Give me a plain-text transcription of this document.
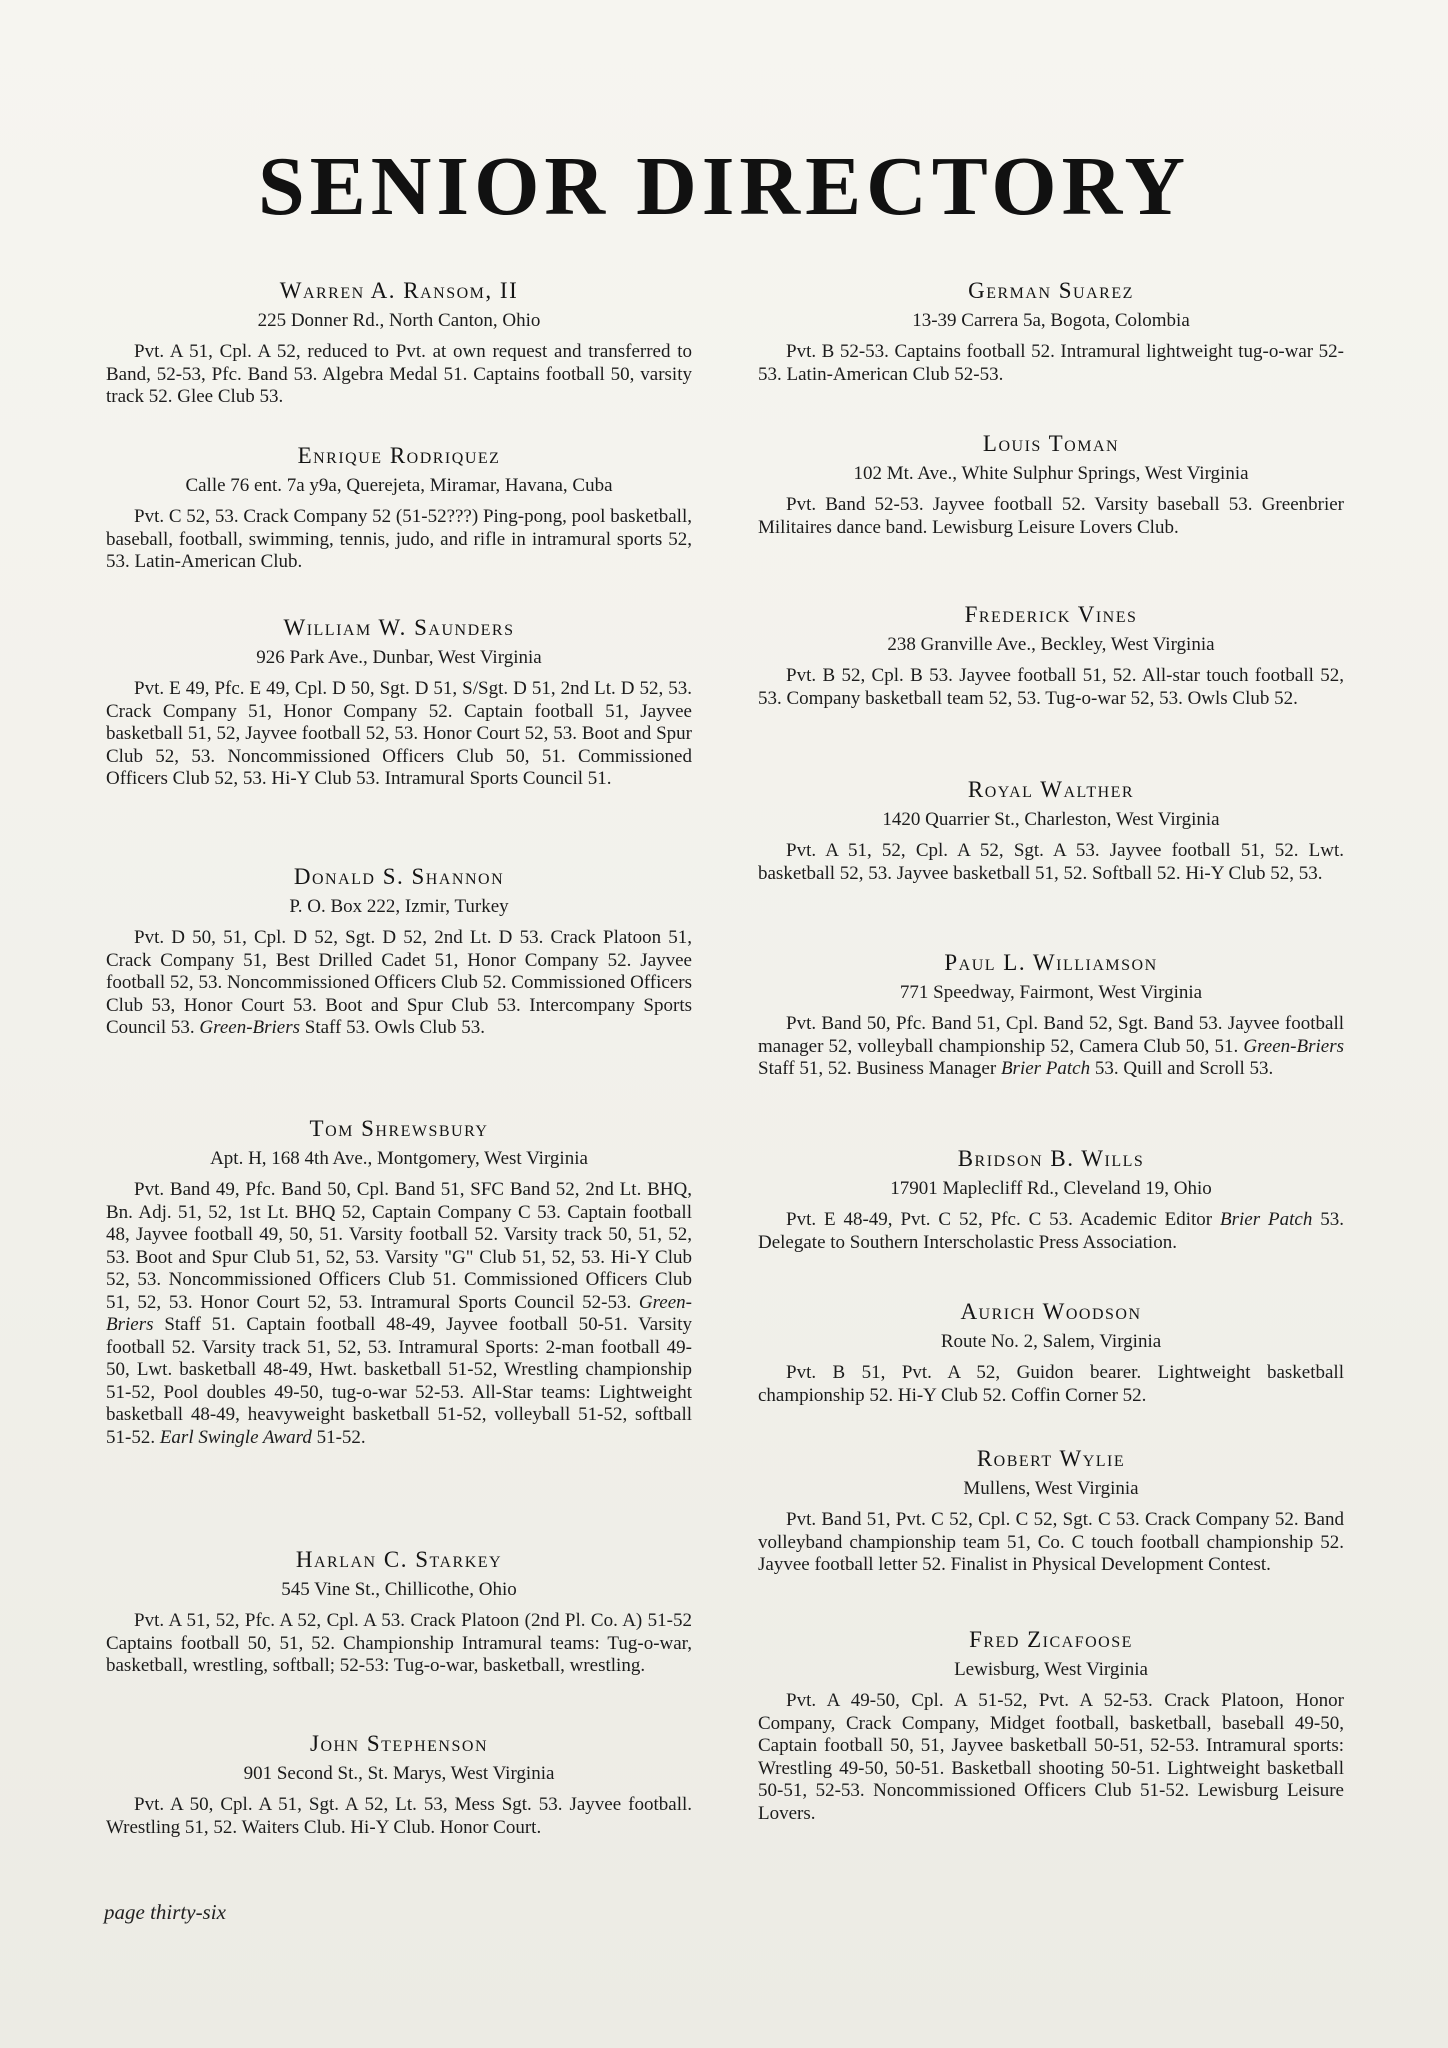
SENIOR DIRECTORY
Warren A. Ransom, II
225 Donner Rd., North Canton, Ohio

Pvt. A 51, Cpl. A 52, reduced to Pvt. at own request and transferred to Band, 52-53, Pfc. Band 53. Algebra Medal 51. Captains football 50, varsity track 52. Glee Club 53.

Enrique Rodriquez
Calle 76 ent. 7a y9a, Querejeta, Miramar, Havana, Cuba

Pvt. C 52, 53. Crack Company 52 (51-52???) Ping-pong, pool basketball, baseball, football, swimming, tennis, judo, and rifle in intramural sports 52, 53. Latin-American Club.

William W. Saunders
926 Park Ave., Dunbar, West Virginia

Pvt. E 49, Pfc. E 49, Cpl. D 50, Sgt. D 51, S/Sgt. D 51, 2nd Lt. D 52, 53. Crack Company 51, Honor Company 52. Captain football 51, Jayvee basketball 51, 52, Jayvee football 52, 53. Honor Court 52, 53. Boot and Spur Club 52, 53. Noncommissioned Officers Club 50, 51. Commissioned Officers Club 52, 53. Hi-Y Club 53. Intramural Sports Council 51.

Donald S. Shannon
P. O. Box 222, Izmir, Turkey

Pvt. D 50, 51, Cpl. D 52, Sgt. D 52, 2nd Lt. D 53. Crack Platoon 51, Crack Company 51, Best Drilled Cadet 51, Honor Company 52. Jayvee football 52, 53. Noncommissioned Officers Club 52. Commissioned Officers Club 53, Honor Court 53. Boot and Spur Club 53. Intercompany Sports Council 53. Green-Briers Staff 53. Owls Club 53.

Tom Shrewsbury
Apt. H, 168 4th Ave., Montgomery, West Virginia

Pvt. Band 49, Pfc. Band 50, Cpl. Band 51, SFC Band 52, 2nd Lt. BHQ, Bn. Adj. 51, 52, 1st Lt. BHQ 52, Captain Company C 53. Captain football 48, Jayvee football 49, 50, 51. Varsity football 52. Varsity track 50, 51, 52, 53. Boot and Spur Club 51, 52, 53. Varsity "G" Club 51, 52, 53. Hi-Y Club 52, 53. Noncommissioned Officers Club 51. Commissioned Officers Club 51, 52, 53. Honor Court 52, 53. Intramural Sports Council 52-53. Green-Briers Staff 51. Captain football 48-49, Jayvee football 50-51. Varsity football 52. Varsity track 51, 52, 53. Intramural Sports: 2-man football 49-50, Lwt. basketball 48-49, Hwt. basketball 51-52, Wrestling championship 51-52, Pool doubles 49-50, tug-o-war 52-53. All-Star teams: Lightweight basketball 48-49, heavyweight basketball 51-52, volleyball 51-52, softball 51-52. Earl Swingle Award 51-52.

Harlan C. Starkey
545 Vine St., Chillicothe, Ohio

Pvt. A 51, 52, Pfc. A 52, Cpl. A 53. Crack Platoon (2nd Pl. Co. A) 51-52 Captains football 50, 51, 52. Championship Intramural teams: Tug-o-war, basketball, wrestling, softball; 52-53: Tug-o-war, basketball, wrestling.

John Stephenson
901 Second St., St. Marys, West Virginia

Pvt. A 50, Cpl. A 51, Sgt. A 52, Lt. 53, Mess Sgt. 53. Jayvee football. Wrestling 51, 52. Waiters Club. Hi-Y Club. Honor Court.

German Suarez
13-39 Carrera 5a, Bogota, Colombia

Pvt. B 52-53. Captains football 52. Intramural lightweight tug-o-war 52-53. Latin-American Club 52-53.

Louis Toman
102 Mt. Ave., White Sulphur Springs, West Virginia

Pvt. Band 52-53. Jayvee football 52. Varsity baseball 53. Greenbrier Militaires dance band. Lewisburg Leisure Lovers Club.

Frederick Vines
238 Granville Ave., Beckley, West Virginia

Pvt. B 52, Cpl. B 53. Jayvee football 51, 52. All-star touch football 52, 53. Company basketball team 52, 53. Tug-o-war 52, 53. Owls Club 52.

Royal Walther
1420 Quarrier St., Charleston, West Virginia

Pvt. A 51, 52, Cpl. A 52, Sgt. A 53. Jayvee football 51, 52. Lwt. basketball 52, 53. Jayvee basketball 51, 52. Softball 52. Hi-Y Club 52, 53.

Paul L. Williamson
771 Speedway, Fairmont, West Virginia

Pvt. Band 50, Pfc. Band 51, Cpl. Band 52, Sgt. Band 53. Jayvee football manager 52, volleyball championship 52, Camera Club 50, 51. Green-Briers Staff 51, 52. Business Manager Brier Patch 53. Quill and Scroll 53.

Bridson B. Wills
17901 Maplecliff Rd., Cleveland 19, Ohio

Pvt. E 48-49, Pvt. C 52, Pfc. C 53. Academic Editor Brier Patch 53. Delegate to Southern Interscholastic Press Association.

Aurich Woodson
Route No. 2, Salem, Virginia

Pvt. B 51, Pvt. A 52, Guidon bearer. Lightweight basketball championship 52. Hi-Y Club 52. Coffin Corner 52.

Robert Wylie
Mullens, West Virginia

Pvt. Band 51, Pvt. C 52, Cpl. C 52, Sgt. C 53. Crack Company 52. Band volleyband championship team 51, Co. C touch football championship 52. Jayvee football letter 52. Finalist in Physical Development Contest.

Fred Zicafoose
Lewisburg, West Virginia

Pvt. A 49-50, Cpl. A 51-52, Pvt. A 52-53. Crack Platoon, Honor Company, Crack Company, Midget football, basketball, baseball 49-50, Captain football 50, 51, Jayvee basketball 50-51, 52-53. Intramural sports: Wrestling 49-50, 50-51. Basketball shooting 50-51. Lightweight basketball 50-51, 52-53. Noncommissioned Officers Club 51-52. Lewisburg Leisure Lovers.

page thirty-six
